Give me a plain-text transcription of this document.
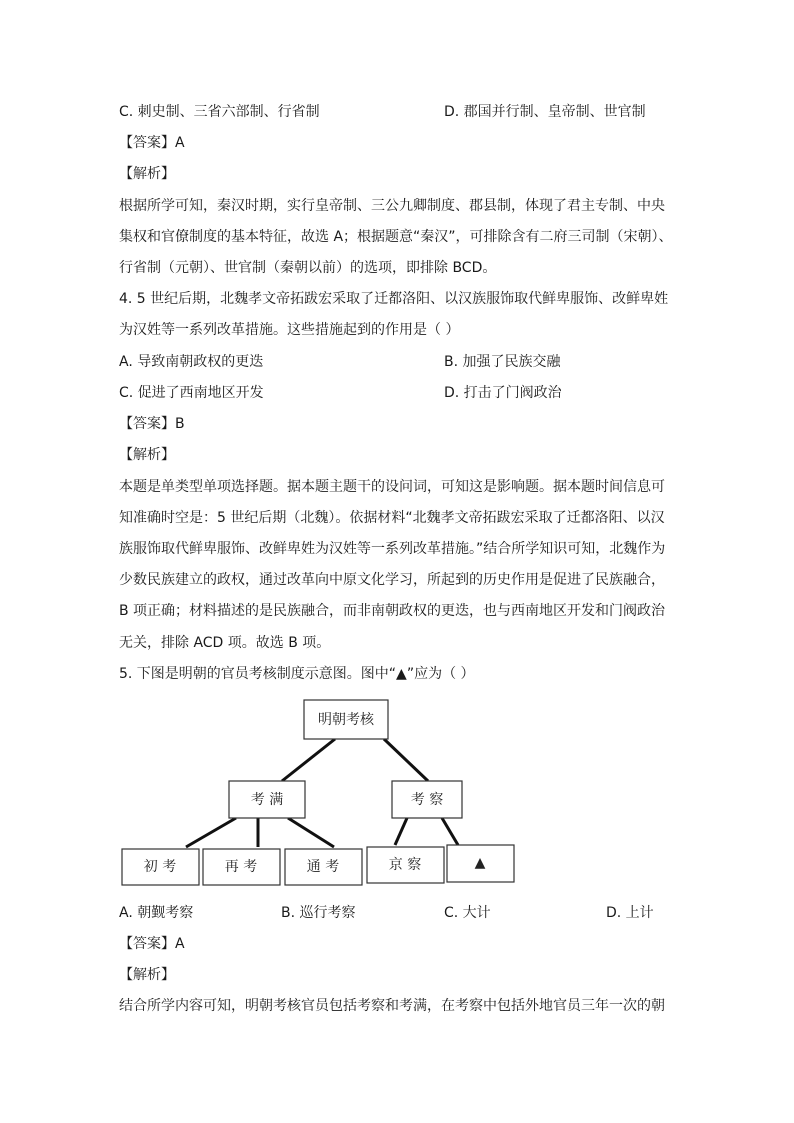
C. 刺史制、三省六部制、行省制	D. 郡国并行制、皇帝制、世官制
【答案】A
【解析】
根据所学可知，秦汉时期，实行皇帝制、三公九卿制度、郡县制，体现了君主专制、中央
集权和官僚制度的基本特征，故选 A；根据题意“秦汉”，可排除含有二府三司制（宋朝）、
行省制（元朝）、世官制（秦朝以前）的选项，即排除 BCD。
4. 5 世纪后期，北魏孝文帝拓跋宏采取了迁都洛阳、以汉族服饰取代鲜卑服饰、改鲜卑姓
为汉姓等一系列改革措施。这些措施起到的作用是（ ）
A. 导致南朝政权的更迭	B. 加强了民族交融
C. 促进了西南地区开发	D. 打击了门阀政治
【答案】B
【解析】
本题是单类型单项选择题。据本题主题干的设问词，可知这是影响题。据本题时间信息可
知准确时空是：5 世纪后期（北魏）。依据材料“北魏孝文帝拓跋宏采取了迁都洛阳、以汉
族服饰取代鲜卑服饰、改鲜卑姓为汉姓等一系列改革措施。”结合所学知识可知，北魏作为
少数民族建立的政权，通过改革向中原文化学习，所起到的历史作用是促进了民族融合，
B 项正确；材料描述的是民族融合，而非南朝政权的更迭，也与西南地区开发和门阀政治
无关，排除 ACD 项。故选 B 项。
5. 下图是明朝的官员考核制度示意图。图中“▲”应为（ ）
明朝考核
考 满	考 察
初 考	再 考	通 考	京 察	▲
A. 朝觐考察	B. 巡行考察	C. 大计	D. 上计
【答案】A
【解析】
结合所学内容可知，明朝考核官员包括考察和考满，在考察中包括外地官员三年一次的朝
